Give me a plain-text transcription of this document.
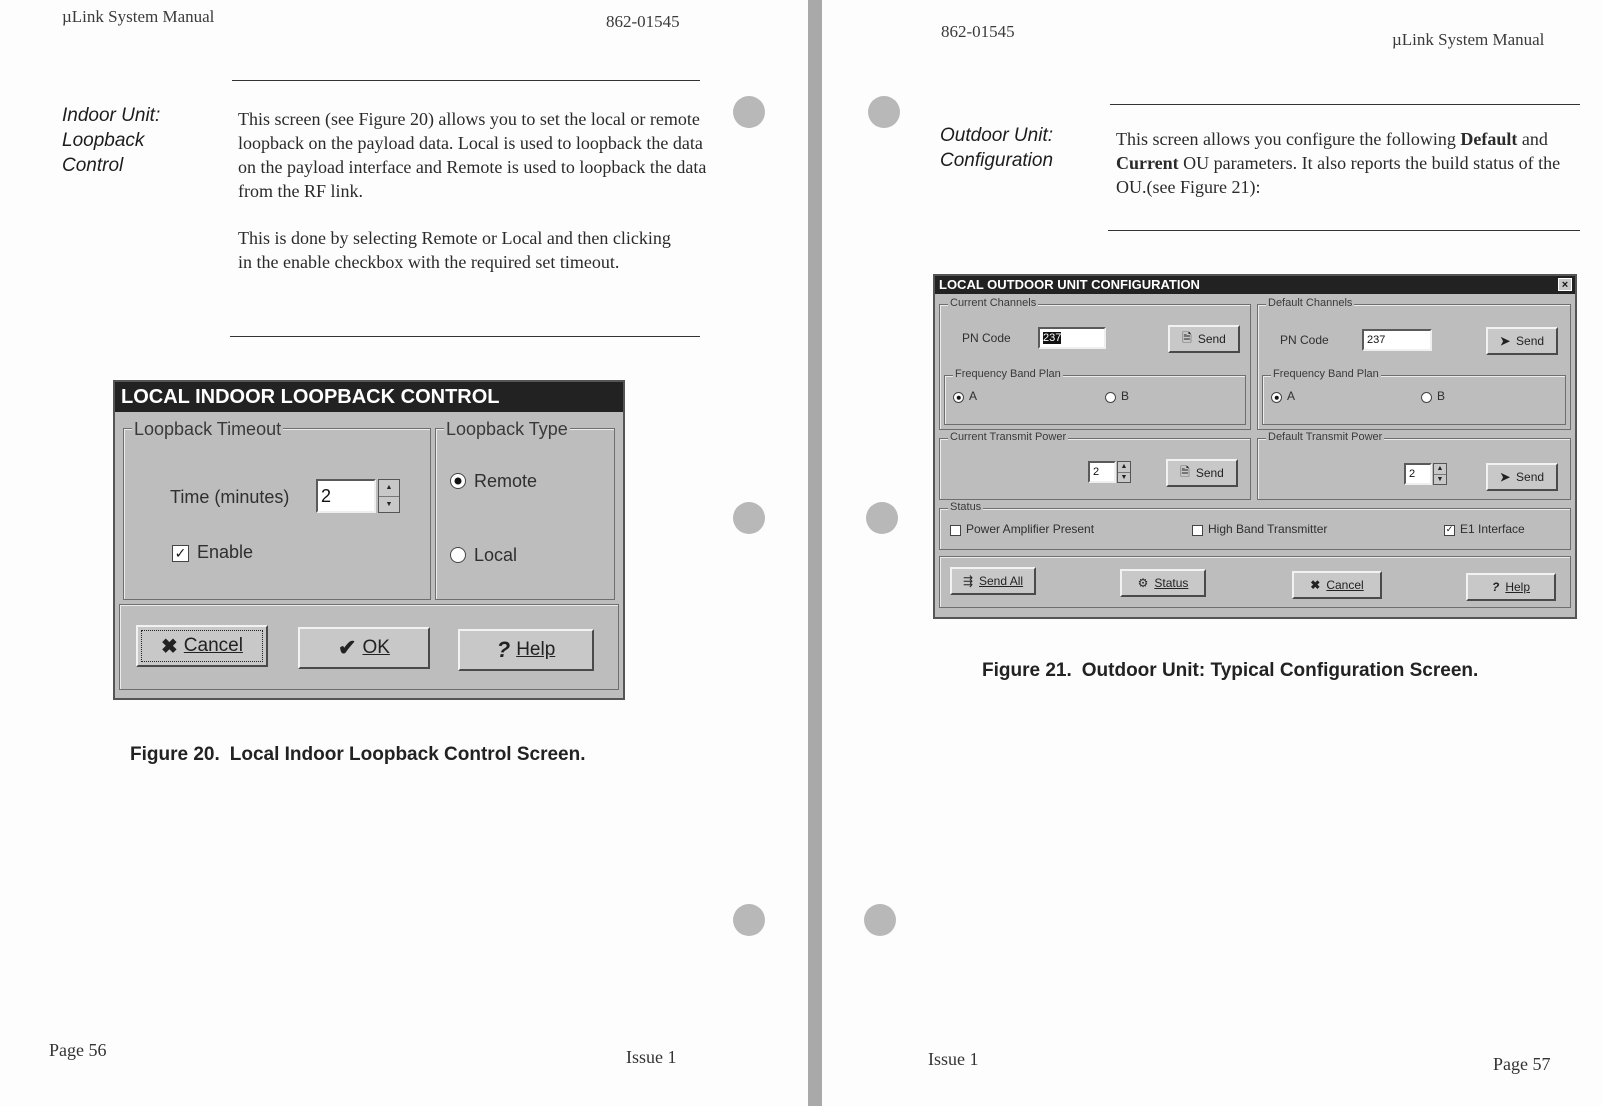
µLink System Manual	862-01545
Indoor Unit:
Loopback
Control

This screen (see Figure 20) allows you to set the local or remote loopback on the payload data. Local is used to loopback the data on the payload interface and Remote is used to loopback the data from the RF link.

This is done by selecting Remote or Local and then clicking in the enable checkbox with the required set timeout.

LOCAL INDOOR LOOPBACK CONTROL
Loopback Timeout
Time (minutes) 2	▲
▼
✓ Enable
Loopback Type
Remote
Local
✖ Cancel	✔ OK	? Help
Figure 20. Local Indoor Loopback Control Screen.
Page 56	Issue 1
862-01545	µLink System Manual
Outdoor Unit:
Configuration

This screen allows you configure the following Default and Current OU parameters. It also reports the build status of the OU.(see Figure 21):

Figure 21. Outdoor Unit: Typical Configuration Screen.
Issue 1	Page 57
LOCAL OUTDOOR UNIT CONFIGURATION	×
Current Channels
PN Code	237	🗎 Send
Frequency Band Plan
A	B
Default Channels
PN Code	237	➤ Send
Frequency Band Plan
A	B
Current Transmit Power
2	▲
▼	🗎 Send
Default Transmit Power
2	▲
▼	➤ Send
Status
Power Amplifier Present	High Band Transmitter	✓ E1 Interface
⇶ Send All	⚙ Status	✖ Cancel	? Help
